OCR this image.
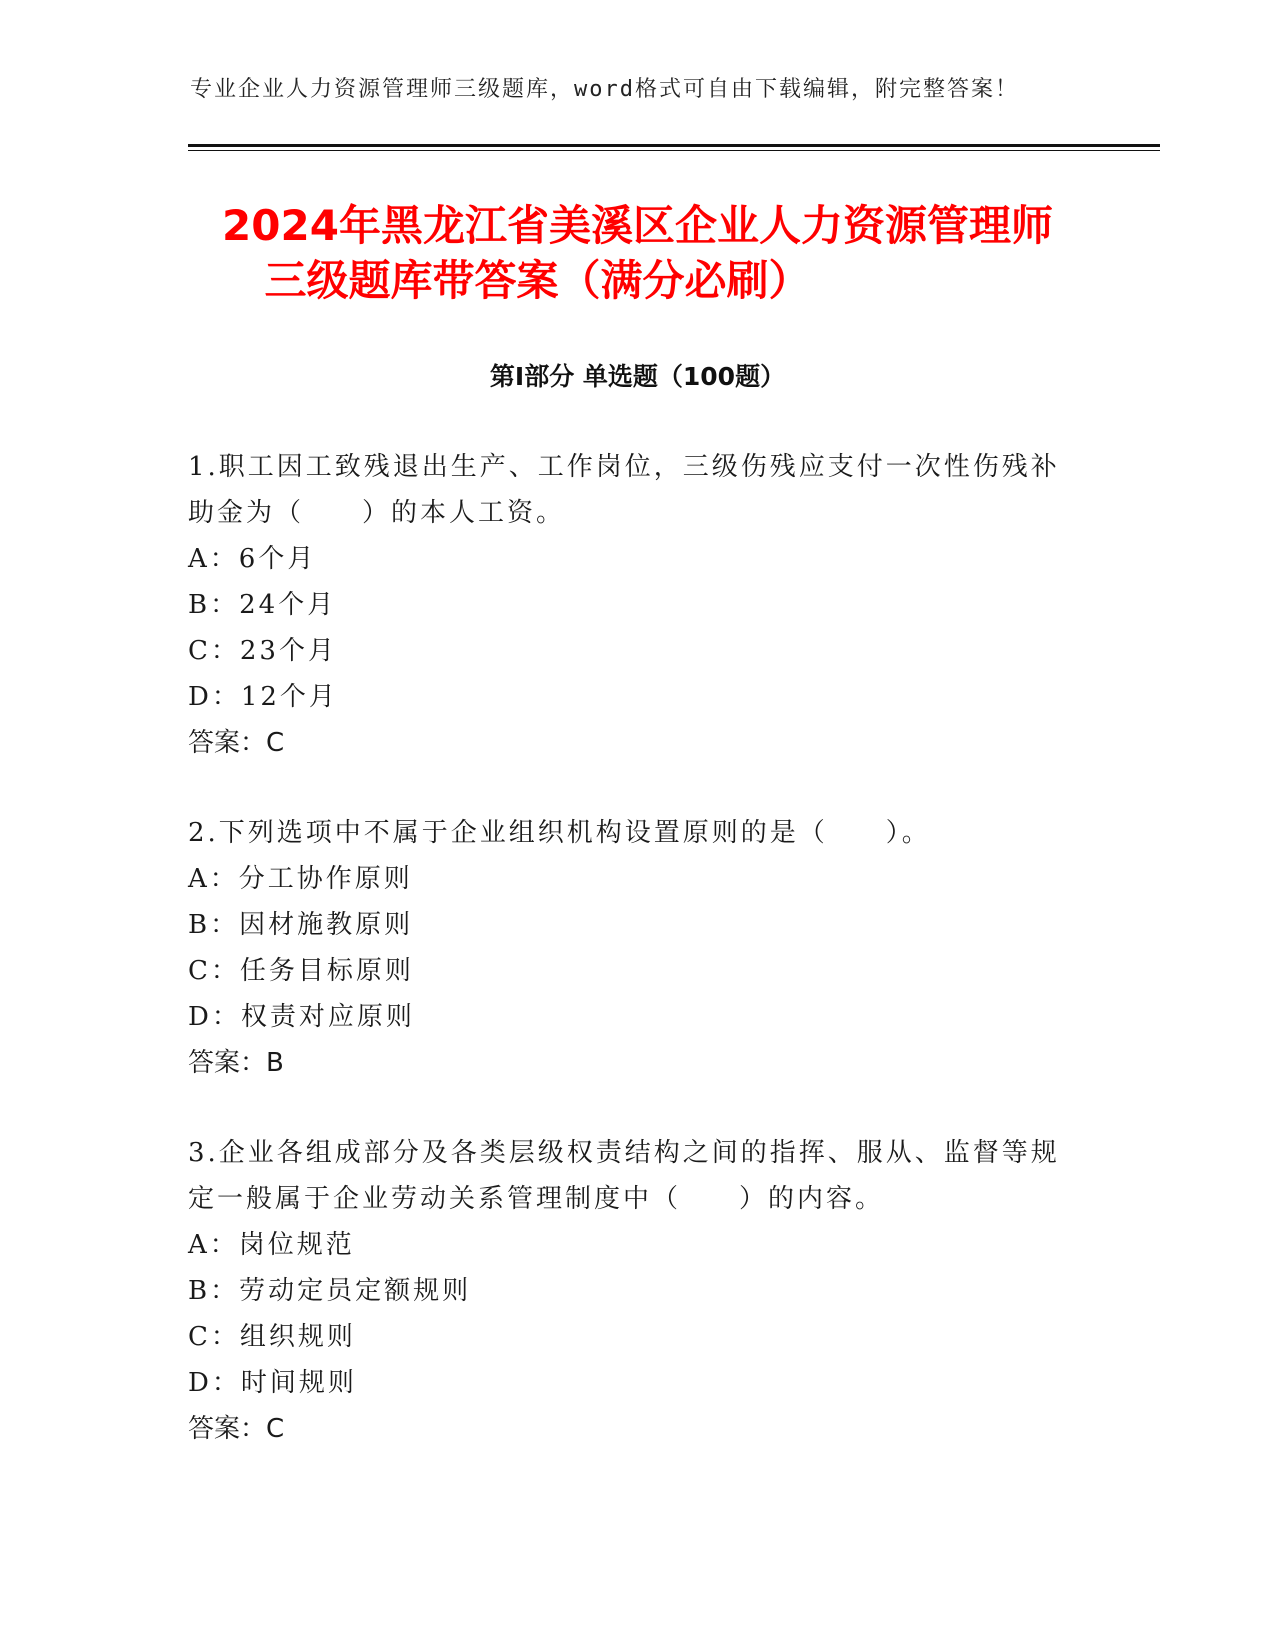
专业企业人力资源管理师三级题库，word格式可自由下载编辑，附完整答案！
2024年黑龙江省美溪区企业人力资源管理师
三级题库带答案（满分必刷）
第I部分 单选题（100题）

1.职工因工致残退出生产、工作岗位，三级伤残应支付一次性伤残补助金为（　　）的本人工资。

A：6个月

B：24个月

C：23个月

D：12个月

答案：C

2.下列选项中不属于企业组织机构设置原则的是（　　）。

A：分工协作原则

B：因材施教原则

C：任务目标原则

D：权责对应原则

答案：B

3.企业各组成部分及各类层级权责结构之间的指挥、服从、监督等规定一般属于企业劳动关系管理制度中（　　）的内容。

A：岗位规范

B：劳动定员定额规则

C：组织规则

D：时间规则

答案：C
